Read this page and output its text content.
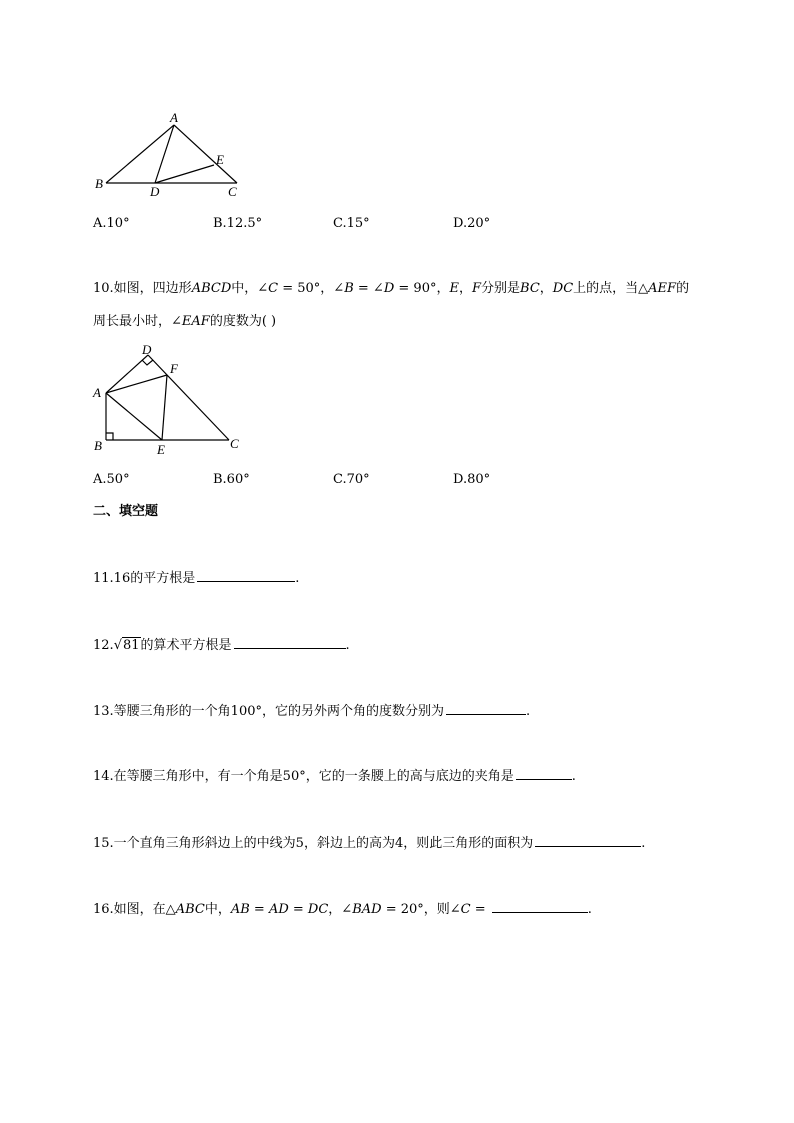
A
B
C
D
E
A.10°	B.12.5°	C.15°	D.20°
10.如图，四边形ABCD中，∠C = 50°，∠B = ∠D = 90°，E，F分别是BC，DC上的点，当△AEF的
周长最小时，∠EAF的度数为( )
D
F
A
B	E	C
A.50°	B.60°	C.70°	D.80°
二、填空题
11.16的平方根是	.
12.√81的算术平方根是	.
13.等腰三角形的一个角100°，它的另外两个角的度数分别为	.
14.在等腰三角形中，有一个角是50°，它的一条腰上的高与底边的夹角是	.
15.一个直角三角形斜边上的中线为5，斜边上的高为4，则此三角形的面积为	.
16.如图，在△ABC中，AB = AD = DC，∠BAD = 20°，则∠C =	.
